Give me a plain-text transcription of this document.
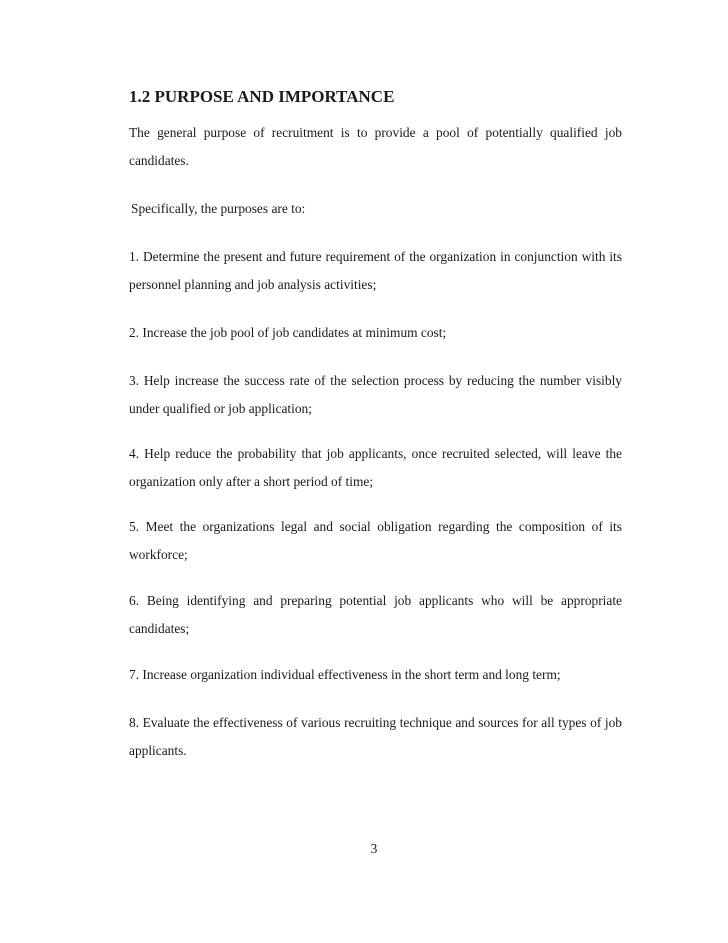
1.2 PURPOSE AND IMPORTANCE

The general purpose of recruitment is to provide a pool of potentially qualified job candidates.

Specifically, the purposes are to:

1. Determine the present and future requirement of the organization in conjunction with its personnel planning and job analysis activities;

2. Increase the job pool of job candidates at minimum cost;

3. Help increase the success rate of the selection process by reducing the number visibly under qualified or job application;

4. Help reduce the probability that job applicants, once recruited selected, will leave the organization only after a short period of time;

5. Meet the organizations legal and social obligation regarding the composition of its workforce;

6. Being identifying and preparing potential job applicants who will be appropriate candidates;

7. Increase organization individual effectiveness in the short term and long term;

8. Evaluate the effectiveness of various recruiting technique and sources for all types of job applicants.

3
